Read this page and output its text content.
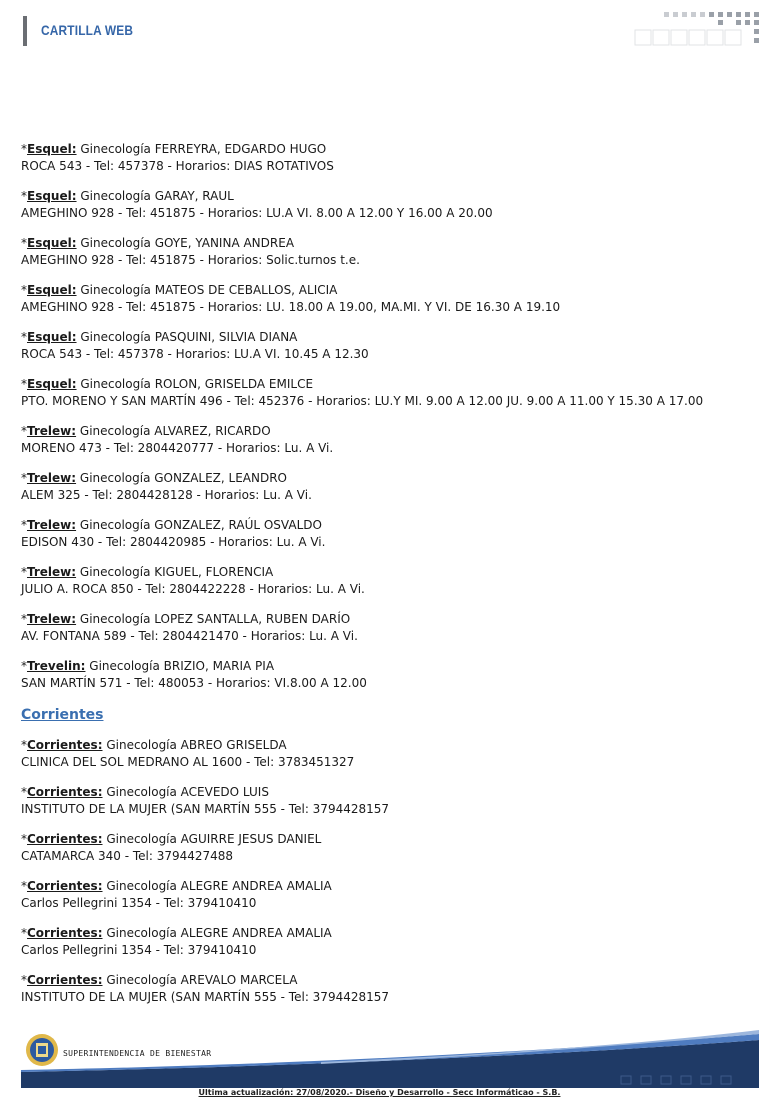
CARTILLA WEB
*Esquel: Ginecología FERREYRA, EDGARDO HUGO
ROCA 543 - Tel: 457378 - Horarios: DIAS ROTATIVOS
*Esquel: Ginecología GARAY, RAUL
AMEGHINO 928 - Tel: 451875 - Horarios: LU.A VI. 8.00 A 12.00 Y 16.00 A 20.00
*Esquel: Ginecología GOYE, YANINA ANDREA
AMEGHINO 928 - Tel: 451875 - Horarios: Solic.turnos t.e.
*Esquel: Ginecología MATEOS DE CEBALLOS, ALICIA
AMEGHINO 928 - Tel: 451875 - Horarios: LU. 18.00 A 19.00, MA.MI. Y VI. DE 16.30 A 19.10
*Esquel: Ginecología PASQUINI, SILVIA DIANA
ROCA 543 - Tel: 457378 - Horarios: LU.A VI. 10.45 A 12.30
*Esquel: Ginecología ROLON, GRISELDA EMILCE
PTO. MORENO Y SAN MARTÍN 496 - Tel: 452376 - Horarios: LU.Y MI. 9.00 A 12.00 JU. 9.00 A 11.00 Y 15.30 A 17.00
*Trelew: Ginecología ALVAREZ, RICARDO
MORENO 473 - Tel: 2804420777 - Horarios: Lu. A Vi.
*Trelew: Ginecología GONZALEZ, LEANDRO
ALEM 325 - Tel: 2804428128 - Horarios: Lu. A Vi.
*Trelew: Ginecología GONZALEZ, RAÚL OSVALDO
EDISON 430 - Tel: 2804420985 - Horarios: Lu. A Vi.
*Trelew: Ginecología KIGUEL, FLORENCIA
JULIO A. ROCA 850 - Tel: 2804422228 - Horarios: Lu. A Vi.
*Trelew: Ginecología LOPEZ SANTALLA, RUBEN DARÍO
AV. FONTANA 589 - Tel: 2804421470 - Horarios: Lu. A Vi.
*Trevelin: Ginecología BRIZIO, MARIA PIA
SAN MARTÍN 571 - Tel: 480053 - Horarios: VI.8.00 A 12.00
Corrientes
*Corrientes: Ginecología ABREO GRISELDA
CLINICA DEL SOL MEDRANO AL 1600 - Tel: 3783451327
*Corrientes: Ginecología ACEVEDO LUIS
INSTITUTO DE LA MUJER (SAN MARTÍN 555 - Tel: 3794428157
*Corrientes: Ginecología AGUIRRE JESUS DANIEL
CATAMARCA 340 - Tel: 3794427488
*Corrientes: Ginecología ALEGRE ANDREA AMALIA
Carlos Pellegrini 1354 - Tel: 379410410
*Corrientes: Ginecología ALEGRE ANDREA AMALIA
Carlos Pellegrini 1354 - Tel: 379410410
*Corrientes: Ginecología AREVALO MARCELA
INSTITUTO DE LA MUJER (SAN MARTÍN 555 - Tel: 3794428157
SUPERINTENDENCIA DE BIENESTAR
Ultima actualización: 27/08/2020.- Diseño y Desarrollo - Secc Informáticao - S.B.
